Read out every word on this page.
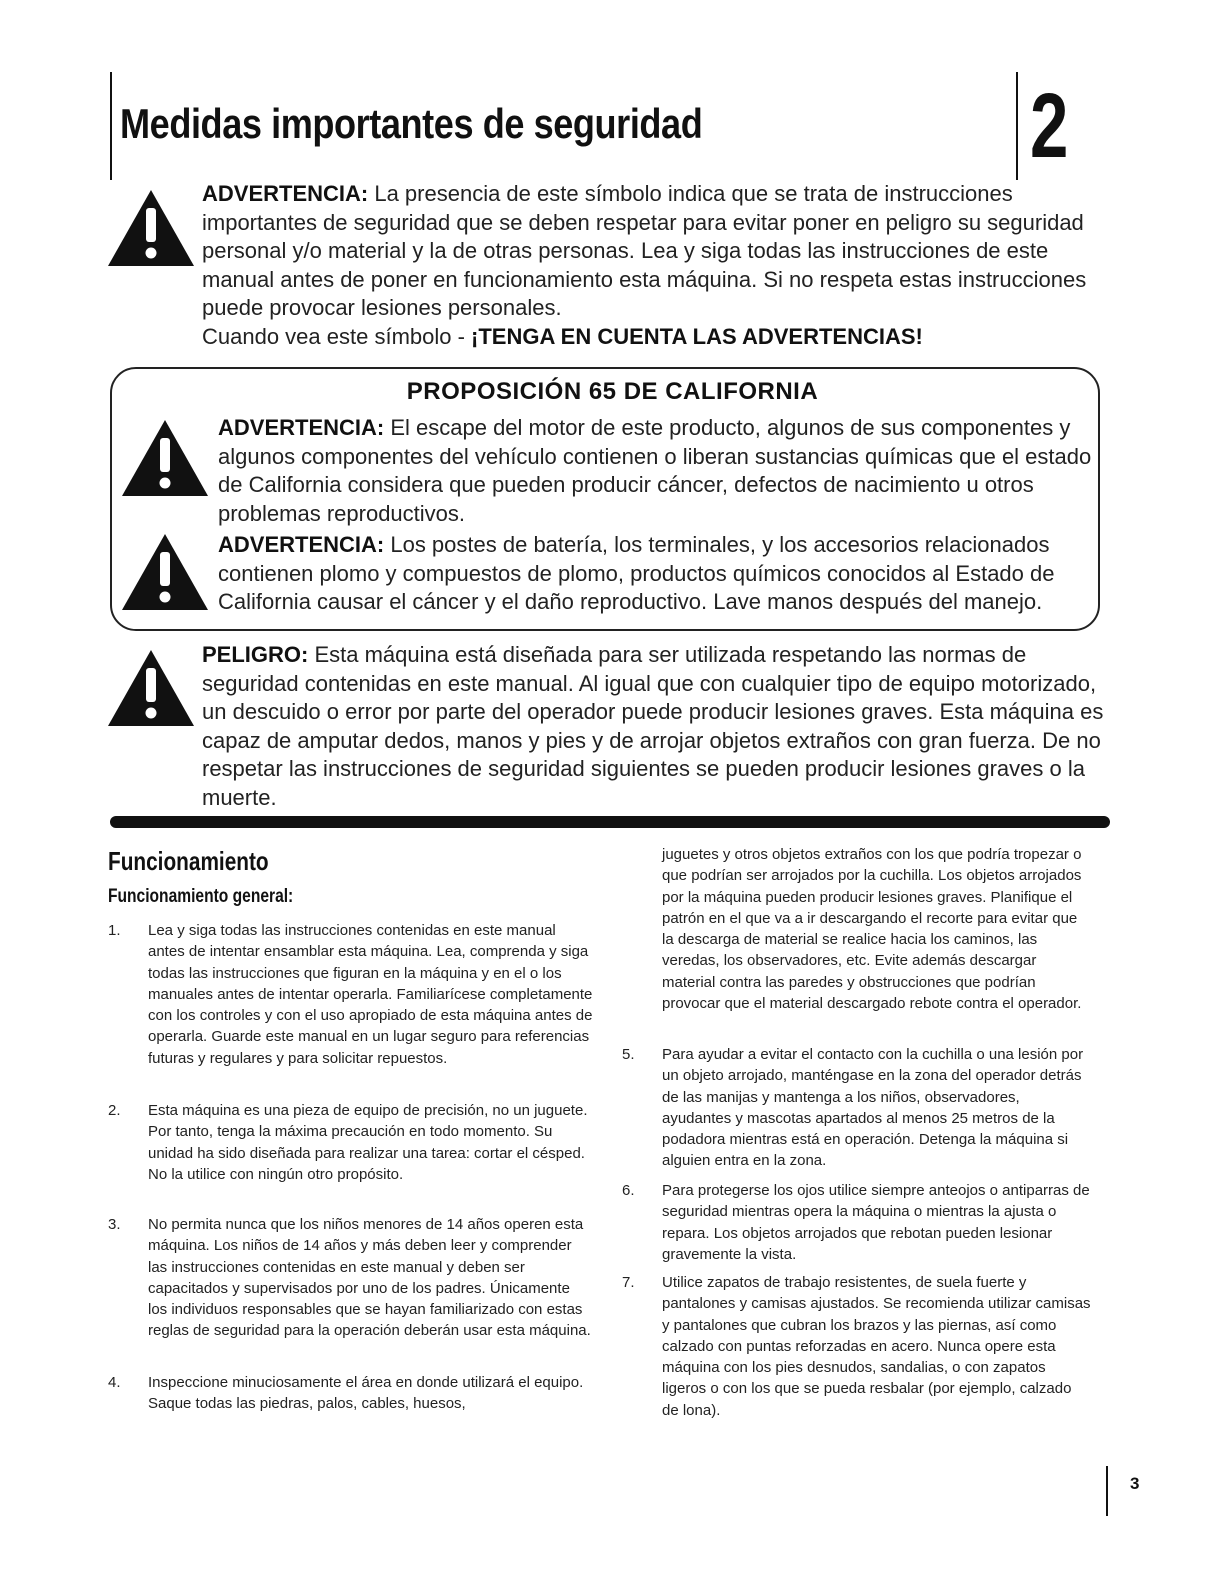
Medidas importantes de seguridad	2
ADVERTENCIA: La presencia de este símbolo indica que se trata de instrucciones importantes de seguridad que se deben respetar para evitar poner en peligro su seguridad personal y/o material y la de otras personas. Lea y siga todas las instrucciones de este manual antes de poner en funcionamiento esta máquina. Si no respeta estas instrucciones puede provocar lesiones personales.
Cuando vea este símbolo - ¡TENGA EN CUENTA LAS ADVERTENCIAS!
PROPOSICIÓN 65 DE CALIFORNIA
ADVERTENCIA: El escape del motor de este producto, algunos de sus componentes y algunos componentes del vehículo contienen o liberan sustancias químicas que el estado de California considera que pueden producir cáncer, defectos de nacimiento u otros problemas reproductivos.
ADVERTENCIA: Los postes de batería, los terminales, y los accesorios relacionados contienen plomo y compuestos de plomo, productos químicos conocidos al Estado de California causar el cáncer y el daño reproductivo. Lave manos después del manejo.
PELIGRO: Esta máquina está diseñada para ser utilizada respetando las normas de seguridad contenidas en este manual. Al igual que con cualquier tipo de equipo motorizado, un descuido o error por parte del operador puede producir lesiones graves. Esta máquina es capaz de amputar dedos, manos y pies y de arrojar objetos extraños con gran fuerza. De no respetar las instrucciones de seguridad siguientes se pueden producir lesiones graves o la muerte.
Funcionamiento
Funcionamiento general:
1. Lea y siga todas las instrucciones contenidas en este manual antes de intentar ensamblar esta máquina. Lea, comprenda y siga todas las instrucciones que figuran en la máquina y en el o los manuales antes de intentar operarla. Familiarícese completamente con los controles y con el uso apropiado de esta máquina antes de operarla. Guarde este manual en un lugar seguro para referencias futuras y regulares y para solicitar repuestos.
2. Esta máquina es una pieza de equipo de precisión, no un juguete. Por tanto, tenga la máxima precaución en todo momento. Su unidad ha sido diseñada para realizar una tarea: cortar el césped. No la utilice con ningún otro propósito.
3. No permita nunca que los niños menores de 14 años operen esta máquina. Los niños de 14 años y más deben leer y comprender las instrucciones contenidas en este manual y deben ser capacitados y supervisados por uno de los padres. Únicamente los individuos responsables que se hayan familiarizado con estas reglas de seguridad para la operación deberán usar esta máquina.
4. Inspeccione minuciosamente el área en donde utilizará el equipo. Saque todas las piedras, palos, cables, huesos,
juguetes y otros objetos extraños con los que podría tropezar o que podrían ser arrojados por la cuchilla. Los objetos arrojados por la máquina pueden producir lesiones graves. Planifique el patrón en el que va a ir descargando el recorte para evitar que la descarga de material se realice hacia los caminos, las veredas, los observadores, etc. Evite además descargar material contra las paredes y obstrucciones que podrían provocar que el material descargado rebote contra el operador.
5. Para ayudar a evitar el contacto con la cuchilla o una lesión por un objeto arrojado, manténgase en la zona del operador detrás de las manijas y mantenga a los niños, observadores, ayudantes y mascotas apartados al menos 25 metros de la podadora mientras está en operación. Detenga la máquina si alguien entra en la zona.
6. Para protegerse los ojos utilice siempre anteojos o antiparras de seguridad mientras opera la máquina o mientras la ajusta o repara. Los objetos arrojados que rebotan pueden lesionar gravemente la vista.
7. Utilice zapatos de trabajo resistentes, de suela fuerte y pantalones y camisas ajustados. Se recomienda utilizar camisas y pantalones que cubran los brazos y las piernas, así como calzado con puntas reforzadas en acero. Nunca opere esta máquina con los pies desnudos, sandalias, o con zapatos ligeros o con los que se pueda resbalar (por ejemplo, calzado de lona).
3
